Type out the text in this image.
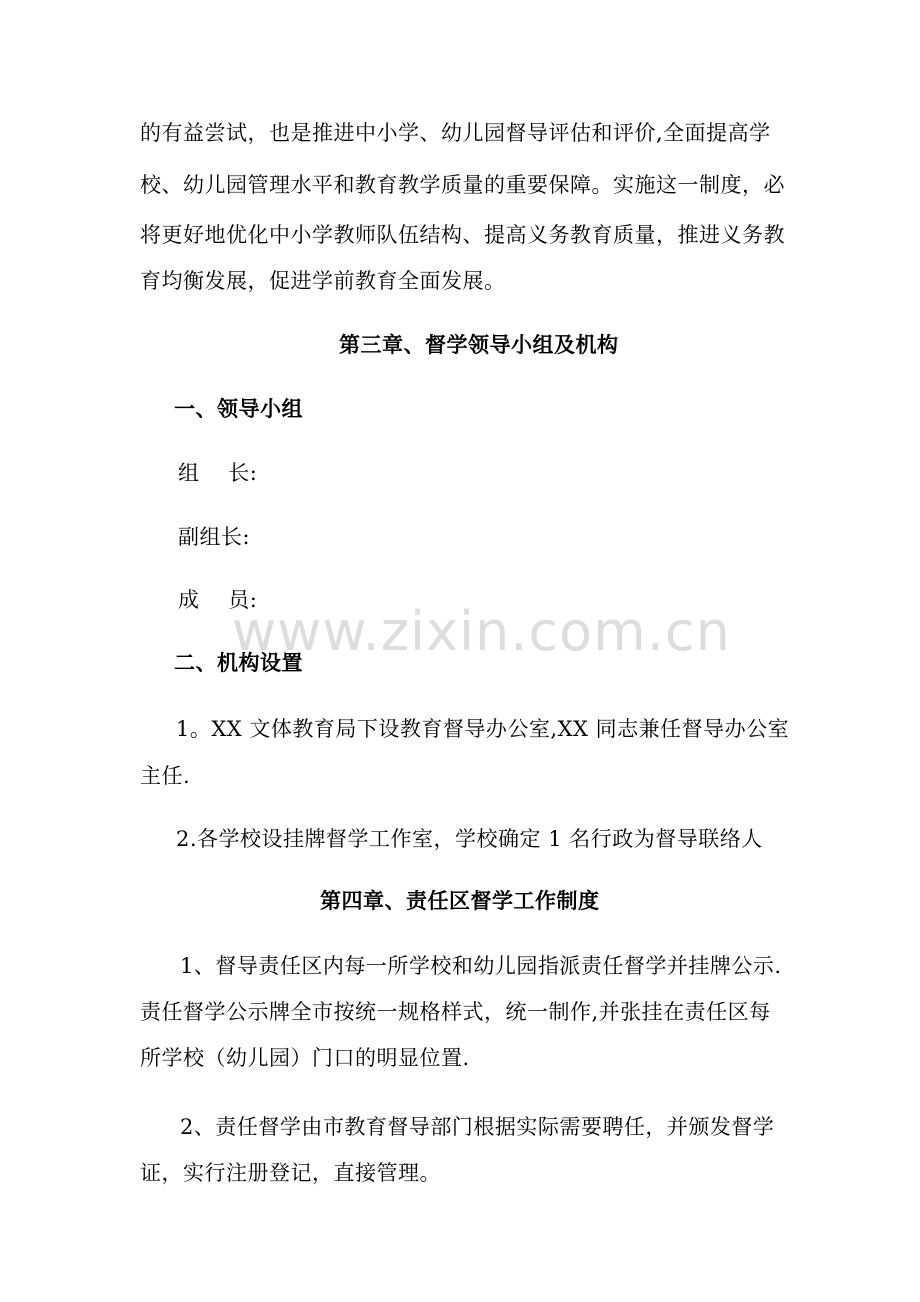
的有益尝试，也是推进中小学、幼儿园督导评估和评价,全面提高学
校、幼儿园管理水平和教育教学质量的重要保障。实施这一制度，必
将更好地优化中小学教师队伍结构、提高义务教育质量，推进义务教
育均衡发展，促进学前教育全面发展。
第三章、督学领导小组及机构
一、领导小组
组    长:
副组长:
成    员:
二、机构设置
1。XX 文体教育局下设教育督导办公室,XX 同志兼任督导办公室
主任.
2.各学校设挂牌督学工作室，学校确定 1 名行政为督导联络人
第四章、责任区督学工作制度
1、督导责任区内每一所学校和幼儿园指派责任督学并挂牌公示.
责任督学公示牌全市按统一规格样式，统一制作,并张挂在责任区每
所学校（幼儿园）门口的明显位置.
2、责任督学由市教育督导部门根据实际需要聘任，并颁发督学
证，实行注册登记，直接管理。
www.zixin.com.cn
